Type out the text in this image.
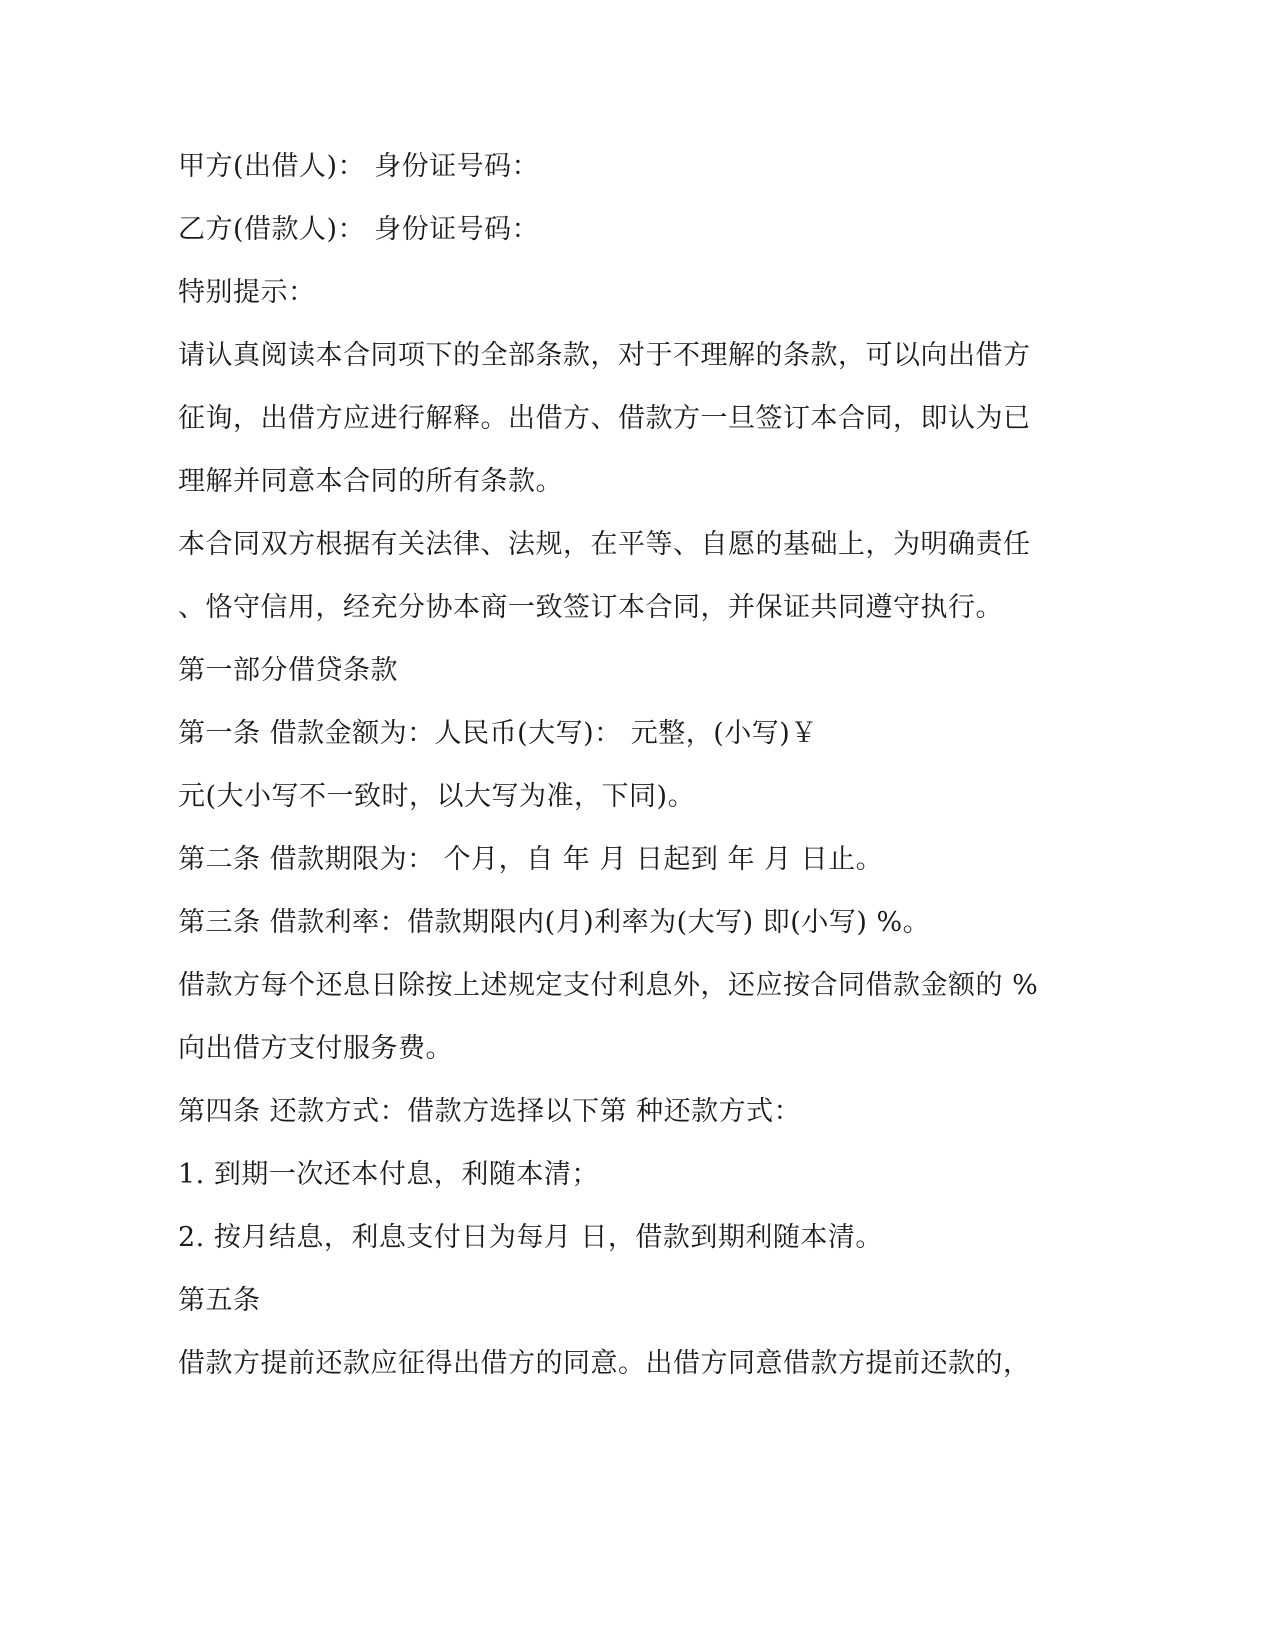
甲方(出借人)： 身份证号码：

乙方(借款人)： 身份证号码：

特别提示：

请认真阅读本合同项下的全部条款，对于不理解的条款，可以向出借方

征询，出借方应进行解释。出借方、借款方一旦签订本合同，即认为已

理解并同意本合同的所有条款。

本合同双方根据有关法律、法规，在平等、自愿的基础上，为明确责任

、恪守信用，经充分协本商一致签订本合同，并保证共同遵守执行。

第一部分借贷条款

第一条 借款金额为：人民币(大写)： 元整，(小写)￥

元(大小写不一致时，以大写为准，下同)。

第二条 借款期限为： 个月，自 年 月 日起到 年 月 日止。

第三条 借款利率：借款期限内(月)利率为(大写) 即(小写) %。

借款方每个还息日除按上述规定支付利息外，还应按合同借款金额的 %

向出借方支付服务费。

第四条 还款方式：借款方选择以下第 种还款方式：

1. 到期一次还本付息，利随本清；

2. 按月结息，利息支付日为每月 日，借款到期利随本清。

第五条

借款方提前还款应征得出借方的同意。出借方同意借款方提前还款的，
